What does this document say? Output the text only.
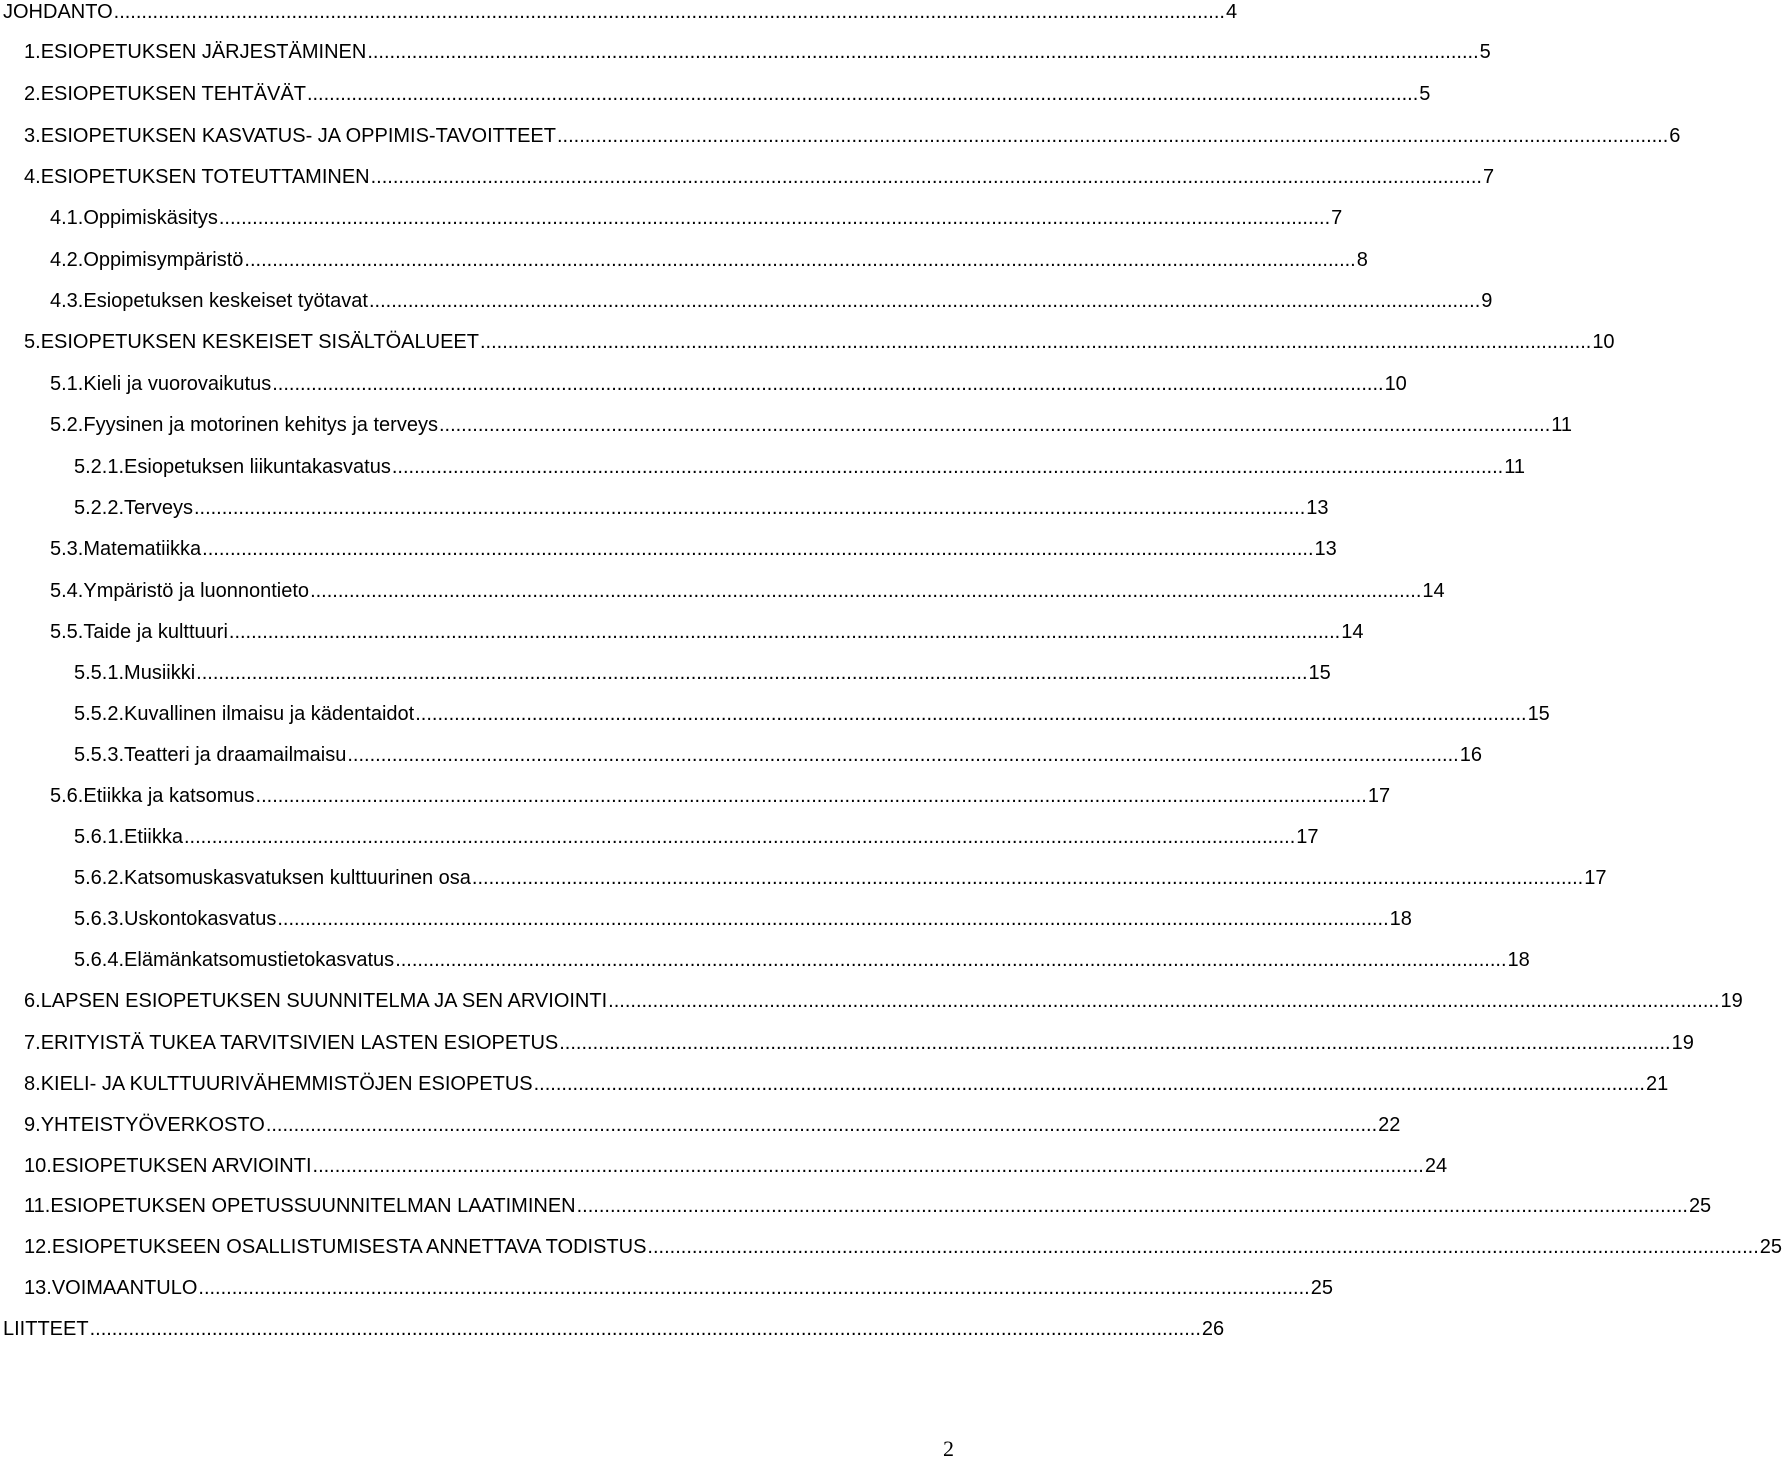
JOHDANTO ........................................................................................................................................................................................................ 4
1. ESIOPETUKSEN JÄRJESTÄMINEN ........................................................................................................................................................................................................ 5
2. ESIOPETUKSEN TEHTÄVÄT ........................................................................................................................................................................................................ 5
3. ESIOPETUKSEN KASVATUS- JA OPPIMIS-TAVOITTEET ........................................................................................................................................................................................................ 6
4. ESIOPETUKSEN TOTEUTTAMINEN ........................................................................................................................................................................................................ 7
4.1. Oppimiskäsitys ........................................................................................................................................................................................................ 7
4.2. Oppimisympäristö ........................................................................................................................................................................................................ 8
4.3. Esiopetuksen keskeiset työtavat ........................................................................................................................................................................................................ 9
5. ESIOPETUKSEN KESKEISET SISÄLTÖALUEET ........................................................................................................................................................................................................ 10
5.1. Kieli ja vuorovaikutus ........................................................................................................................................................................................................ 10
5.2. Fyysinen ja motorinen kehitys ja terveys ........................................................................................................................................................................................................ 11
5.2.1. Esiopetuksen liikuntakasvatus ........................................................................................................................................................................................................ 11
5.2.2. Terveys ........................................................................................................................................................................................................ 13
5.3. Matematiikka ........................................................................................................................................................................................................ 13
5.4. Ympäristö ja luonnontieto ........................................................................................................................................................................................................ 14
5.5. Taide ja kulttuuri ........................................................................................................................................................................................................ 14
5.5.1. Musiikki ........................................................................................................................................................................................................ 15
5.5.2. Kuvallinen ilmaisu ja kädentaidot ........................................................................................................................................................................................................ 15
5.5.3. Teatteri ja draamailmaisu ........................................................................................................................................................................................................ 16
5.6. Etiikka ja katsomus ........................................................................................................................................................................................................ 17
5.6.1. Etiikka ........................................................................................................................................................................................................ 17
5.6.2. Katsomuskasvatuksen kulttuurinen osa ........................................................................................................................................................................................................ 17
5.6.3. Uskontokasvatus ........................................................................................................................................................................................................ 18
5.6.4. Elämänkatsomustietokasvatus ........................................................................................................................................................................................................ 18
6. LAPSEN ESIOPETUKSEN SUUNNITELMA JA SEN ARVIOINTI ........................................................................................................................................................................................................ 19
7. ERITYISTÄ TUKEA TARVITSIVIEN LASTEN ESIOPETUS ........................................................................................................................................................................................................ 19
8. KIELI- JA KULTTUURIVÄHEMMISTÖJEN ESIOPETUS ........................................................................................................................................................................................................ 21
9. YHTEISTYÖVERKOSTO ........................................................................................................................................................................................................ 22
10. ESIOPETUKSEN ARVIOINTI ........................................................................................................................................................................................................ 24
11. ESIOPETUKSEN OPETUSSUUNNITELMAN LAATIMINEN ........................................................................................................................................................................................................ 25
12. ESIOPETUKSEEN OSALLISTUMISESTA ANNETTAVA TODISTUS ........................................................................................................................................................................................................ 25
13. VOIMAANTULO ........................................................................................................................................................................................................ 25
LIITTEET ........................................................................................................................................................................................................ 26
2
